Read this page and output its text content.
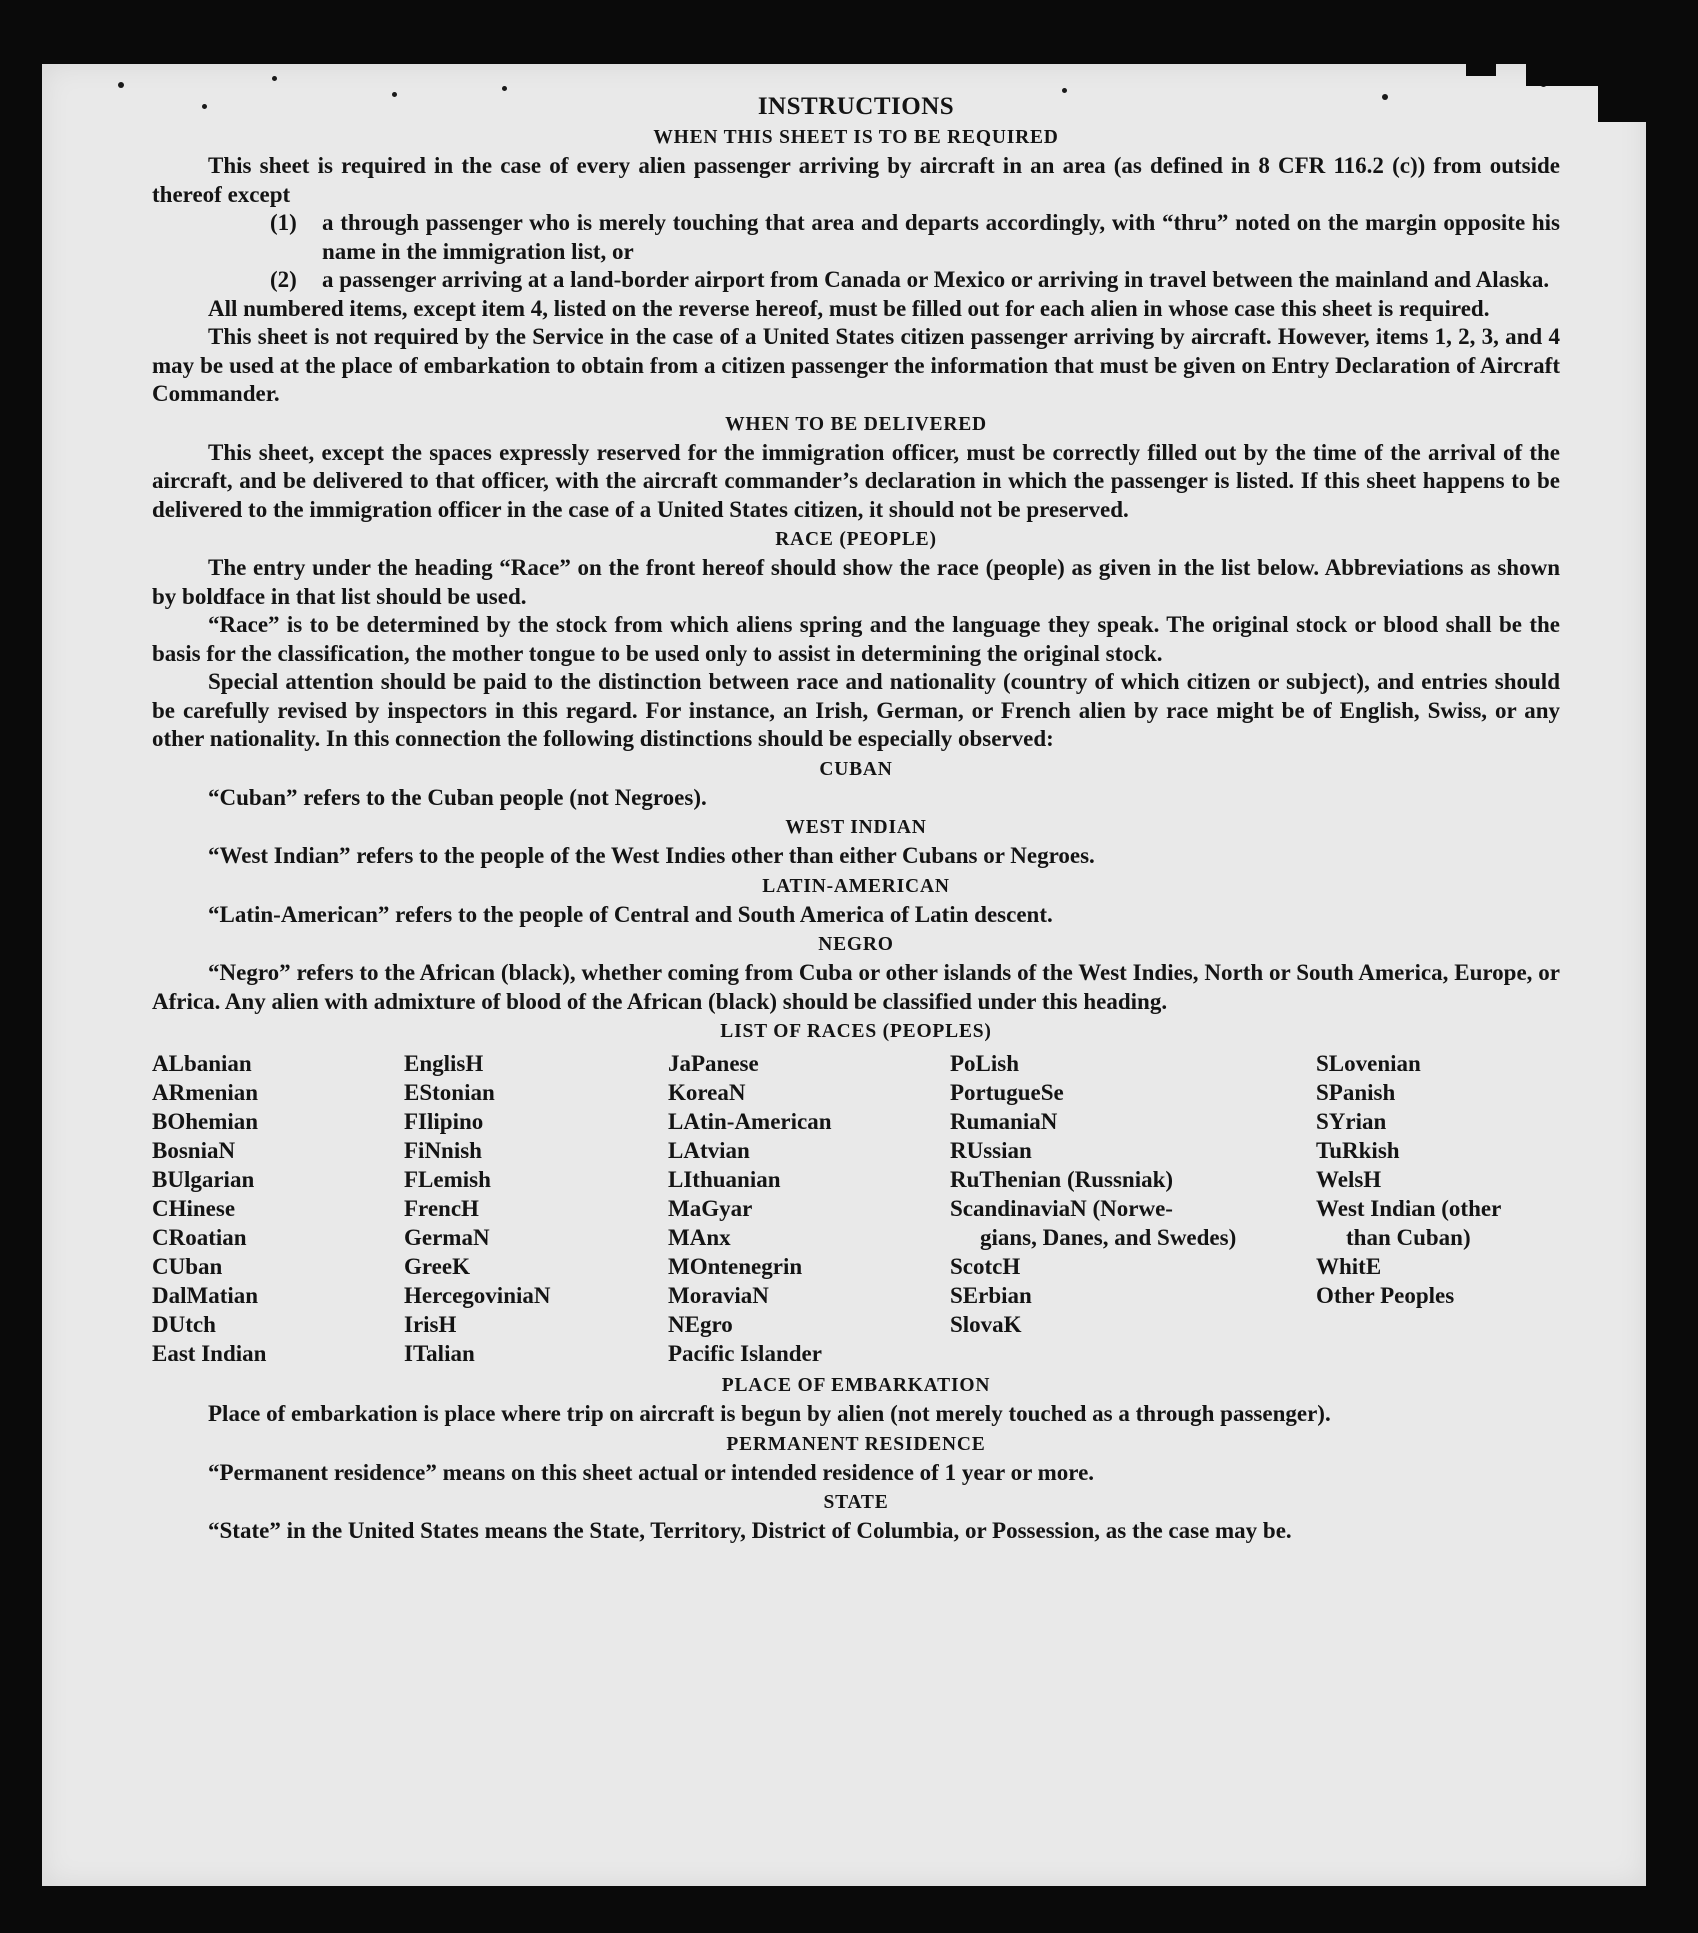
INSTRUCTIONS
WHEN THIS SHEET IS TO BE REQUIRED

This sheet is required in the case of every alien passenger arriving by aircraft in an area (as defined in 8 CFR 116.2 (c)) from outside thereof except

(1)	a through passenger who is merely touching that area and departs accordingly, with “thru” noted on the margin opposite his name in the immigration list, or
(2)	a passenger arriving at a land-border airport from Canada or Mexico or arriving in travel between the mainland and Alaska.

All numbered items, except item 4, listed on the reverse hereof, must be filled out for each alien in whose case this sheet is required.

This sheet is not required by the Service in the case of a United States citizen passenger arriving by aircraft. However, items 1, 2, 3, and 4 may be used at the place of embarkation to obtain from a citizen passenger the information that must be given on Entry Declaration of Aircraft Commander.

WHEN TO BE DELIVERED

This sheet, except the spaces expressly reserved for the immigration officer, must be correctly filled out by the time of the arrival of the aircraft, and be delivered to that officer, with the aircraft commander’s declaration in which the passenger is listed. If this sheet happens to be delivered to the immigration officer in the case of a United States citizen, it should not be preserved.

RACE (PEOPLE)

The entry under the heading “Race” on the front hereof should show the race (people) as given in the list below. Abbreviations as shown by boldface in that list should be used.

“Race” is to be determined by the stock from which aliens spring and the language they speak. The original stock or blood shall be the basis for the classification, the mother tongue to be used only to assist in determining the original stock.

Special attention should be paid to the distinction between race and nationality (country of which citizen or subject), and entries should be carefully revised by inspectors in this regard. For instance, an Irish, German, or French alien by race might be of English, Swiss, or any other nationality. In this connection the following distinctions should be especially observed:

CUBAN

“Cuban” refers to the Cuban people (not Negroes).

WEST INDIAN

“West Indian” refers to the people of the West Indies other than either Cubans or Negroes.

LATIN-AMERICAN

“Latin-American” refers to the people of Central and South America of Latin descent.

NEGRO

“Negro” refers to the African (black), whether coming from Cuba or other islands of the West Indies, North or South America, Europe, or Africa. Any alien with admixture of blood of the African (black) should be classified under this heading.

LIST OF RACES (PEOPLES)
ALbanian
ARmenian
BOhemian
BosniaN
BUlgarian
CHinese
CRoatian
CUban
DalMatian
DUtch
East Indian
EnglisH
EStonian
FIlipino
FiNnish
FLemish
FrencH
GermaN
GreeK
HercegoviniaN
IrisH
ITalian
JaPanese
KoreaN
LAtin-American
LAtvian
LIthuanian
MaGyar
MAnx
MOntenegrin
MoraviaN
NEgro
Pacific Islander
PoLish
PortugueSe
RumaniaN
RUssian
RuThenian (Russniak)
ScandinaviaN (Norwe-
gians, Danes, and Swedes)
ScotcH
SErbian
SlovaK
SLovenian
SPanish
SYrian
TuRkish
WelsH
West Indian (other
than Cuban)
WhitE
Other Peoples
PLACE OF EMBARKATION

Place of embarkation is place where trip on aircraft is begun by alien (not merely touched as a through passenger).

PERMANENT RESIDENCE

“Permanent residence” means on this sheet actual or intended residence of 1 year or more.

STATE

“State” in the United States means the State, Territory, District of Columbia, or Possession, as the case may be.
